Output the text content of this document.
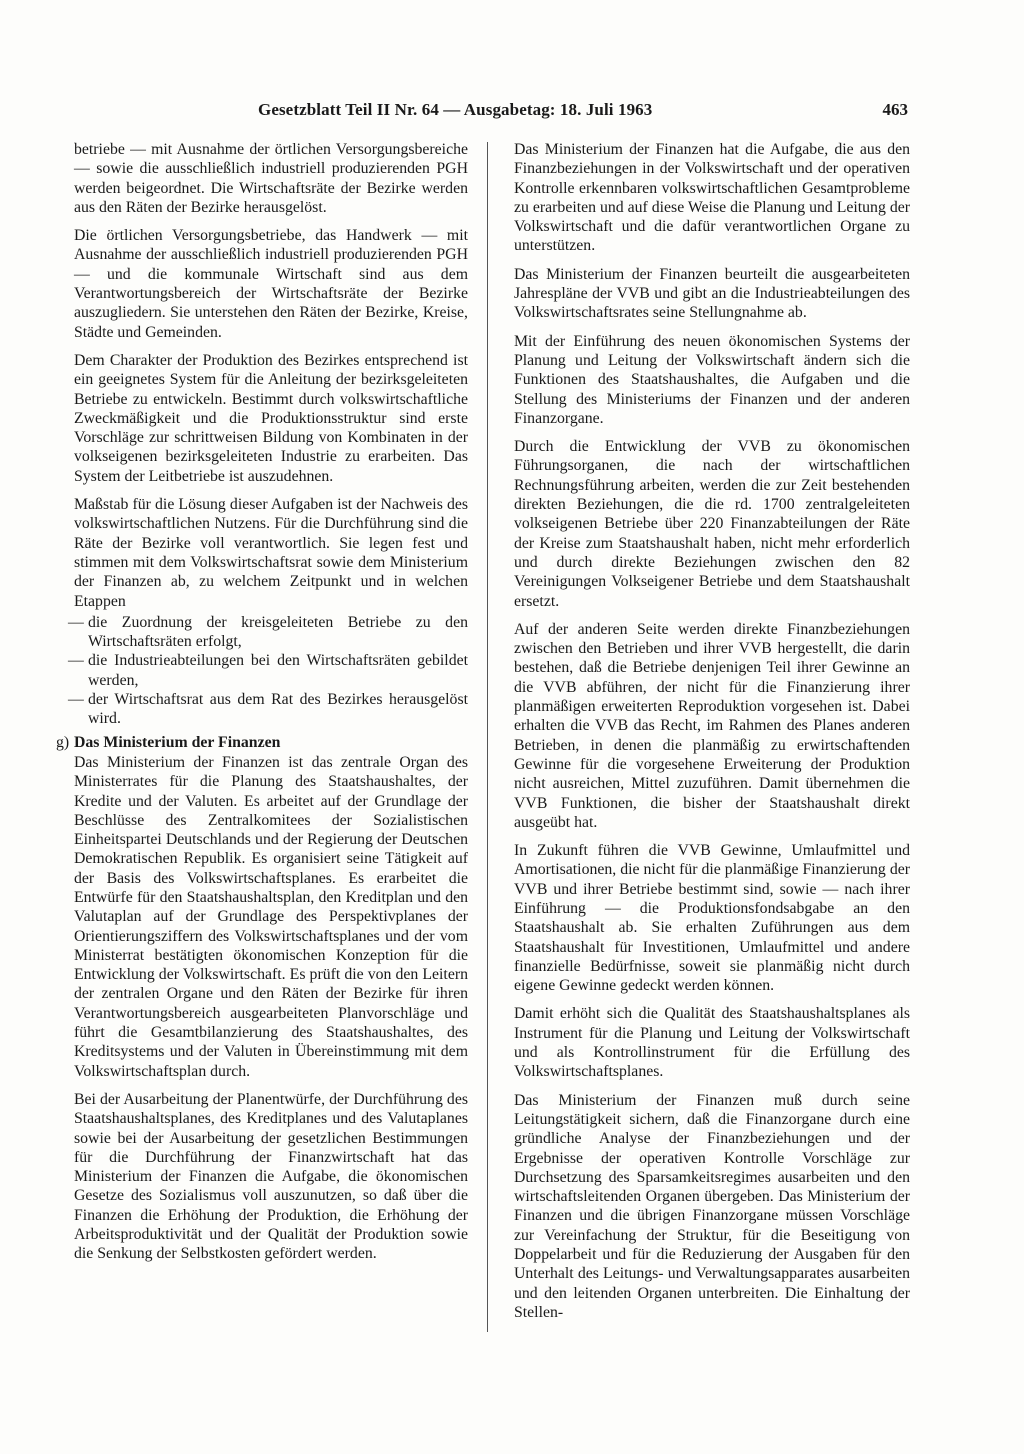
Gesetzblatt Teil II Nr. 64 — Ausgabetag: 18. Juli 1963	463

betriebe — mit Ausnahme der örtlichen Versorgungsbereiche — sowie die ausschließlich industriell produzierenden PGH werden beigeordnet. Die Wirtschaftsräte der Bezirke werden aus den Räten der Bezirke herausgelöst.

Die örtlichen Versorgungsbetriebe, das Handwerk — mit Ausnahme der ausschließlich industriell produzierenden PGH — und die kommunale Wirtschaft sind aus dem Verantwortungsbereich der Wirtschaftsräte der Bezirke auszugliedern. Sie unterstehen den Räten der Bezirke, Kreise, Städte und Gemeinden.

Dem Charakter der Produktion des Bezirkes entsprechend ist ein geeignetes System für die Anleitung der bezirksgeleiteten Betriebe zu entwickeln. Bestimmt durch volkswirtschaftliche Zweckmäßigkeit und die Produktionsstruktur sind erste Vorschläge zur schrittweisen Bildung von Kombinaten in der volkseigenen bezirksgeleiteten Industrie zu erarbeiten. Das System der Leitbetriebe ist auszudehnen.

Maßstab für die Lösung dieser Aufgaben ist der Nachweis des volkswirtschaftlichen Nutzens. Für die Durchführung sind die Räte der Bezirke voll verantwortlich. Sie legen fest und stimmen mit dem Volkswirtschaftsrat sowie dem Ministerium der Finanzen ab, zu welchem Zeitpunkt und in welchen Etappen

— die Zuordnung der kreisgeleiteten Betriebe zu den Wirtschaftsräten erfolgt,
— die Industrieabteilungen bei den Wirtschaftsräten gebildet werden,
— der Wirtschaftsrat aus dem Rat des Bezirkes herausgelöst wird.
g) Das Ministerium der Finanzen

Das Ministerium der Finanzen ist das zentrale Organ des Ministerrates für die Planung des Staatshaushaltes, der Kredite und der Valuten. Es arbeitet auf der Grundlage der Beschlüsse des Zentralkomitees der Sozialistischen Einheitspartei Deutschlands und der Regierung der Deutschen Demokratischen Republik. Es organisiert seine Tätigkeit auf der Basis des Volkswirtschaftsplanes. Es erarbeitet die Entwürfe für den Staatshaushaltsplan, den Kreditplan und den Valutaplan auf der Grundlage des Perspektivplanes der Orientierungsziffern des Volkswirtschaftsplanes und der vom Ministerrat bestätigten ökonomischen Konzeption für die Entwicklung der Volkswirtschaft. Es prüft die von den Leitern der zentralen Organe und den Räten der Bezirke für ihren Verantwortungsbereich ausgearbeiteten Planvorschläge und führt die Gesamtbilanzierung des Staatshaushaltes, des Kreditsystems und der Valuten in Übereinstimmung mit dem Volkswirtschaftsplan durch.

Bei der Ausarbeitung der Planentwürfe, der Durchführung des Staatshaushaltsplanes, des Kreditplanes und des Valutaplanes sowie bei der Ausarbeitung der gesetzlichen Bestimmungen für die Durchführung der Finanzwirtschaft hat das Ministerium der Finanzen die Aufgabe, die ökonomischen Gesetze des Sozialismus voll auszunutzen, so daß über die Finanzen die Erhöhung der Produktion, die Erhöhung der Arbeitsproduktivität und der Qualität der Produktion sowie die Senkung der Selbstkosten gefördert werden.

Das Ministerium der Finanzen hat die Aufgabe, die aus den Finanzbeziehungen in der Volkswirtschaft und der operativen Kontrolle erkennbaren volkswirtschaftlichen Gesamtprobleme zu erarbeiten und auf diese Weise die Planung und Leitung der Volkswirtschaft und die dafür verantwortlichen Organe zu unterstützen.

Das Ministerium der Finanzen beurteilt die ausgearbeiteten Jahrespläne der VVB und gibt an die Industrieabteilungen des Volkswirtschaftsrates seine Stellungnahme ab.

Mit der Einführung des neuen ökonomischen Systems der Planung und Leitung der Volkswirtschaft ändern sich die Funktionen des Staatshaushaltes, die Aufgaben und die Stellung des Ministeriums der Finanzen und der anderen Finanzorgane.

Durch die Entwicklung der VVB zu ökonomischen Führungsorganen, die nach der wirtschaftlichen Rechnungsführung arbeiten, werden die zur Zeit bestehenden direkten Beziehungen, die die rd. 1700 zentralgeleiteten volkseigenen Betriebe über 220 Finanzabteilungen der Räte der Kreise zum Staatshaushalt haben, nicht mehr erforderlich und durch direkte Beziehungen zwischen den 82 Vereinigungen Volkseigener Betriebe und dem Staatshaushalt ersetzt.

Auf der anderen Seite werden direkte Finanzbeziehungen zwischen den Betrieben und ihrer VVB hergestellt, die darin bestehen, daß die Betriebe denjenigen Teil ihrer Gewinne an die VVB abführen, der nicht für die Finanzierung ihrer planmäßigen erweiterten Reproduktion vorgesehen ist. Dabei erhalten die VVB das Recht, im Rahmen des Planes anderen Betrieben, in denen die planmäßig zu erwirtschaftenden Gewinne für die vorgesehene Erweiterung der Produktion nicht ausreichen, Mittel zuzuführen. Damit übernehmen die VVB Funktionen, die bisher der Staatshaushalt direkt ausgeübt hat.

In Zukunft führen die VVB Gewinne, Umlaufmittel und Amortisationen, die nicht für die planmäßige Finanzierung der VVB und ihrer Betriebe bestimmt sind, sowie — nach ihrer Einführung — die Produktionsfondsabgabe an den Staatshaushalt ab. Sie erhalten Zuführungen aus dem Staatshaushalt für Investitionen, Umlaufmittel und andere finanzielle Bedürfnisse, soweit sie planmäßig nicht durch eigene Gewinne gedeckt werden können.

Damit erhöht sich die Qualität des Staatshaushaltsplanes als Instrument für die Planung und Leitung der Volkswirtschaft und als Kontrollinstrument für die Erfüllung des Volkswirtschaftsplanes.

Das Ministerium der Finanzen muß durch seine Leitungstätigkeit sichern, daß die Finanzorgane durch eine gründliche Analyse der Finanzbeziehungen und der Ergebnisse der operativen Kontrolle Vorschläge zur Durchsetzung des Sparsamkeitsregimes ausarbeiten und den wirtschaftsleitenden Organen übergeben. Das Ministerium der Finanzen und die übrigen Finanzorgane müssen Vorschläge zur Vereinfachung der Struktur, für die Beseitigung von Doppelarbeit und für die Reduzierung der Ausgaben für den Unterhalt des Leitungs- und Verwaltungsapparates ausarbeiten und den leitenden Organen unterbreiten. Die Einhaltung der Stellen-
